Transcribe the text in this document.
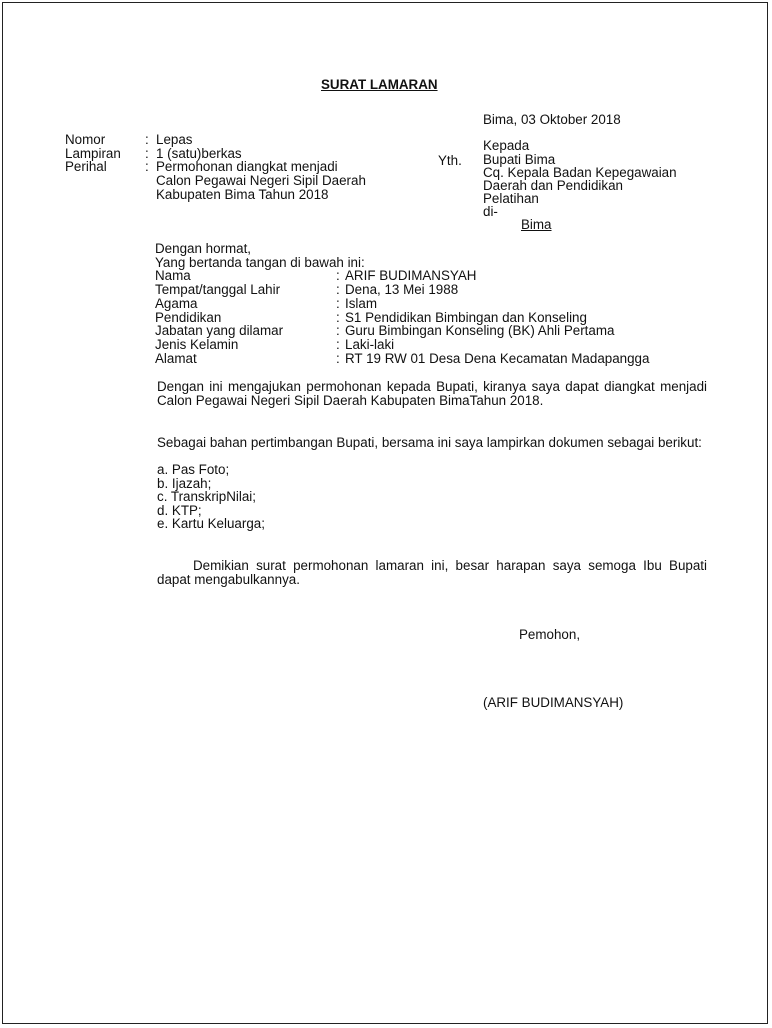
SURAT LAMARAN
Bima, 03 Oktober 2018
Nomor	: Lepas
Lampiran : 1 (satu)berkas
Perihal	: Permohonan diangkat menjadi
Calon Pegawai Negeri Sipil Daerah
Kabupaten Bima Tahun 2018
Kepada
Yth. Bupati Bima
Cq. Kepala Badan Kepegawaian
Daerah dan Pendidikan
Pelatihan
di-
Bima
Dengan hormat,
Yang bertanda tangan di bawah ini:
Nama	: ARIF BUDIMANSYAH
Tempat/tanggal Lahir	: Dena, 13 Mei 1988
Agama	: Islam
Pendidikan	: S1 Pendidikan Bimbingan dan Konseling
Jabatan yang dilamar	: Guru Bimbingan Konseling (BK) Ahli Pertama
Jenis Kelamin	: Laki-laki
Alamat	: RT 19 RW 01 Desa Dena Kecamatan Madapangga
Dengan ini mengajukan permohonan kepada Bupati, kiranya saya dapat diangkat menjadi Calon Pegawai Negeri Sipil Daerah Kabupaten BimaTahun 2018.
Sebagai bahan pertimbangan Bupati, bersama ini saya lampirkan dokumen sebagai berikut:
a. Pas Foto;
b. Ijazah;
c. TranskripNilai;
d. KTP;
e. Kartu Keluarga;
Demikian surat permohonan lamaran ini, besar harapan saya semoga Ibu Bupati dapat mengabulkannya.
Pemohon,
(ARIF BUDIMANSYAH)
